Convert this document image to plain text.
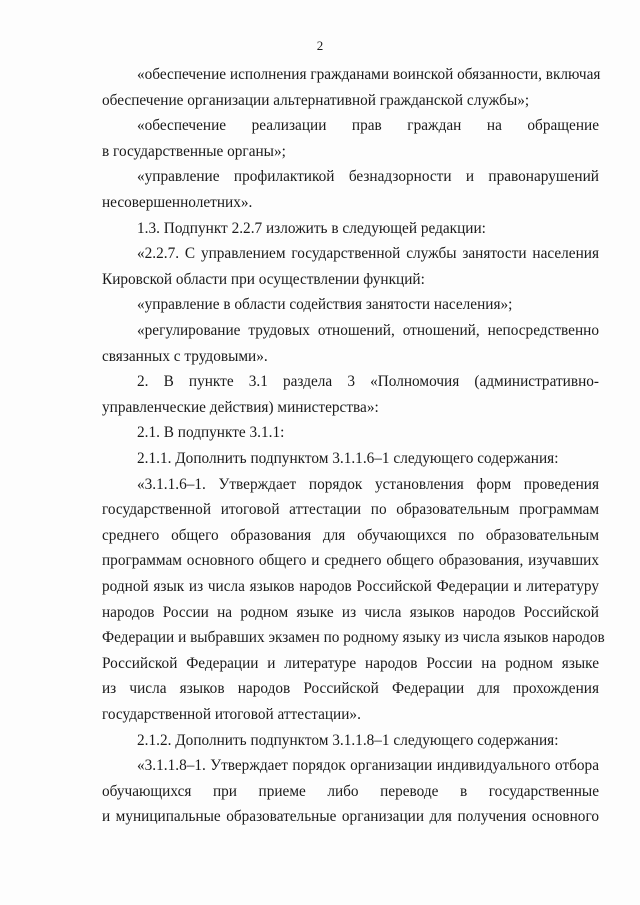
2
«обеспечение исполнения гражданами воинской обязанности, включая
обеспечение организации альтернативной гражданской службы»;
«обеспечение реализации прав граждан на обращение
в государственные органы»;
«управление профилактикой безнадзорности и правонарушений
несовершеннолетних».
1.3. Подпункт 2.2.7 изложить в следующей редакции:
«2.2.7. С управлением государственной службы занятости населения
Кировской области при осуществлении функций:
«управление в области содействия занятости населения»;
«регулирование трудовых отношений, отношений, непосредственно
связанных с трудовыми».
2. В пункте 3.1 раздела 3 «Полномочия (административно-
управленческие действия) министерства»:
2.1. В подпункте 3.1.1:
2.1.1. Дополнить подпунктом 3.1.1.6–1 следующего содержания:
«3.1.1.6–1. Утверждает порядок установления форм проведения
государственной итоговой аттестации по образовательным программам
среднего общего образования для обучающихся по образовательным
программам основного общего и среднего общего образования, изучавших
родной язык из числа языков народов Российской Федерации и литературу
народов России на родном языке из числа языков народов Российской
Федерации и выбравших экзамен по родному языку из числа языков народов
Российской Федерации и литературе народов России на родном языке
из числа языков народов Российской Федерации для прохождения
государственной итоговой аттестации».
2.1.2. Дополнить подпунктом 3.1.1.8–1 следующего содержания:
«3.1.1.8–1. Утверждает порядок организации индивидуального отбора
обучающихся при приеме либо переводе в государственные
и муниципальные образовательные организации для получения основного
